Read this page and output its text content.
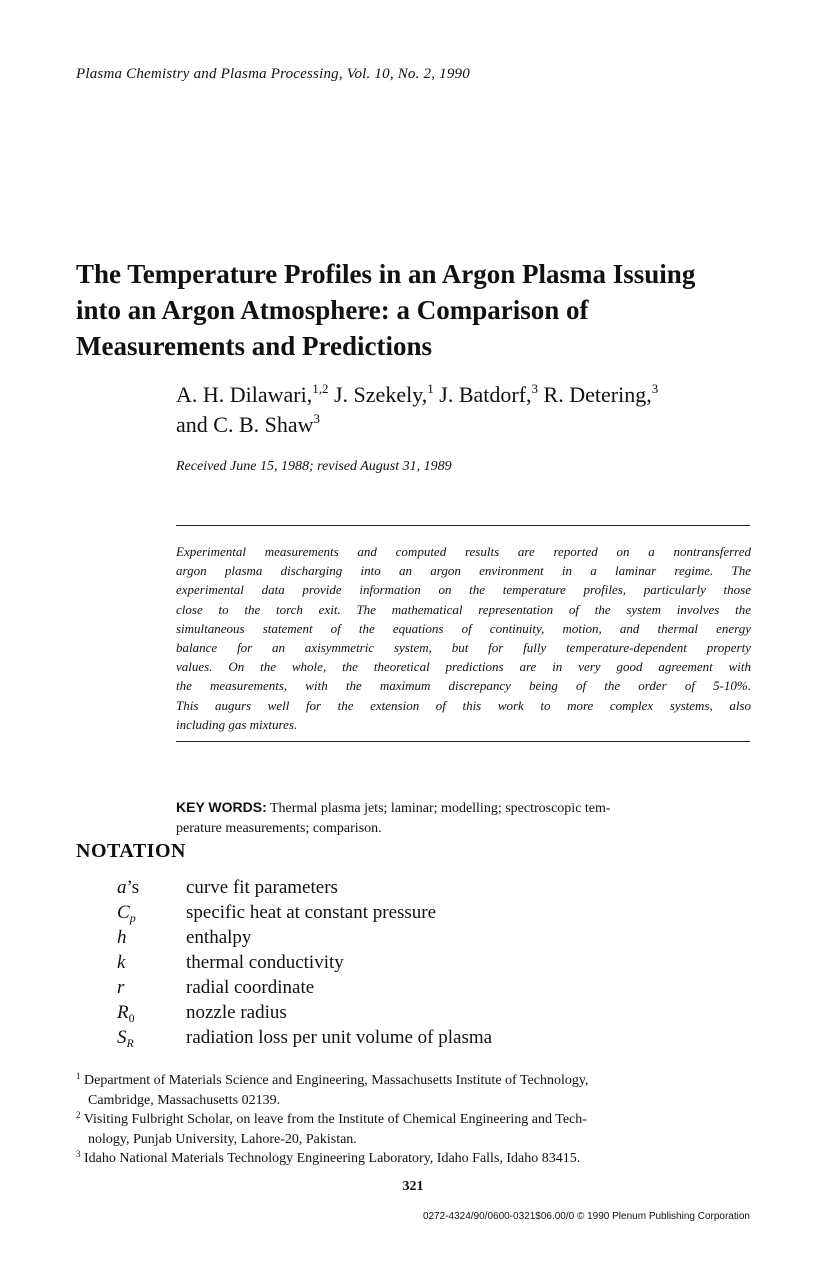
Plasma Chemistry and Plasma Processing, Vol. 10, No. 2, 1990
The Temperature Profiles in an Argon Plasma Issuing
into an Argon Atmosphere: a Comparison of
Measurements and Predictions
A. H. Dilawari,$^{1,2}$ J. Szekely,$^1$ J. Batdorf,$^3$ R. Detering,$^3$
and C. B. Shaw$^3$
Received June 15, 1988; revised August 31, 1989
Experimental measurements and computed results are reported on a nontransferred
argon plasma discharging into an argon environment in a laminar regime. The
experimental data provide information on the temperature profiles, particularly those
close to the torch exit. The mathematical representation of the system involves the
simultaneous statement of the equations of continuity, motion, and thermal energy
balance for an axisymmetric system, but for fully temperature-dependent property
values. On the whole, the theoretical predictions are in very good agreement with
the measurements, with the maximum discrepancy being of the order of 5-10%.
This augurs well for the extension of this work to more complex systems, also
including gas mixtures.
KEY WORDS: Thermal plasma jets; laminar; modelling; spectroscopic tem-
perature measurements; comparison.
NOTATION
a’s curve fit parameters
$C_p$	specific heat at constant pressure
h	enthalpy
k	thermal conductivity
r	radial coordinate
$R_0$	nozzle radius
$S_R$	radiation loss per unit volume of plasma
$^1$ Department of Materials Science and Engineering, Massachusetts Institute of Technology,
Cambridge, Massachusetts 02139.
$^2$ Visiting Fulbright Scholar, on leave from the Institute of Chemical Engineering and Tech-
nology, Punjab University, Lahore-20, Pakistan.
$^3$ Idaho National Materials Technology Engineering Laboratory, Idaho Falls, Idaho 83415.
321
0272-4324/90/0600-0321$06.00/0 © 1990 Plenum Publishing Corporation
